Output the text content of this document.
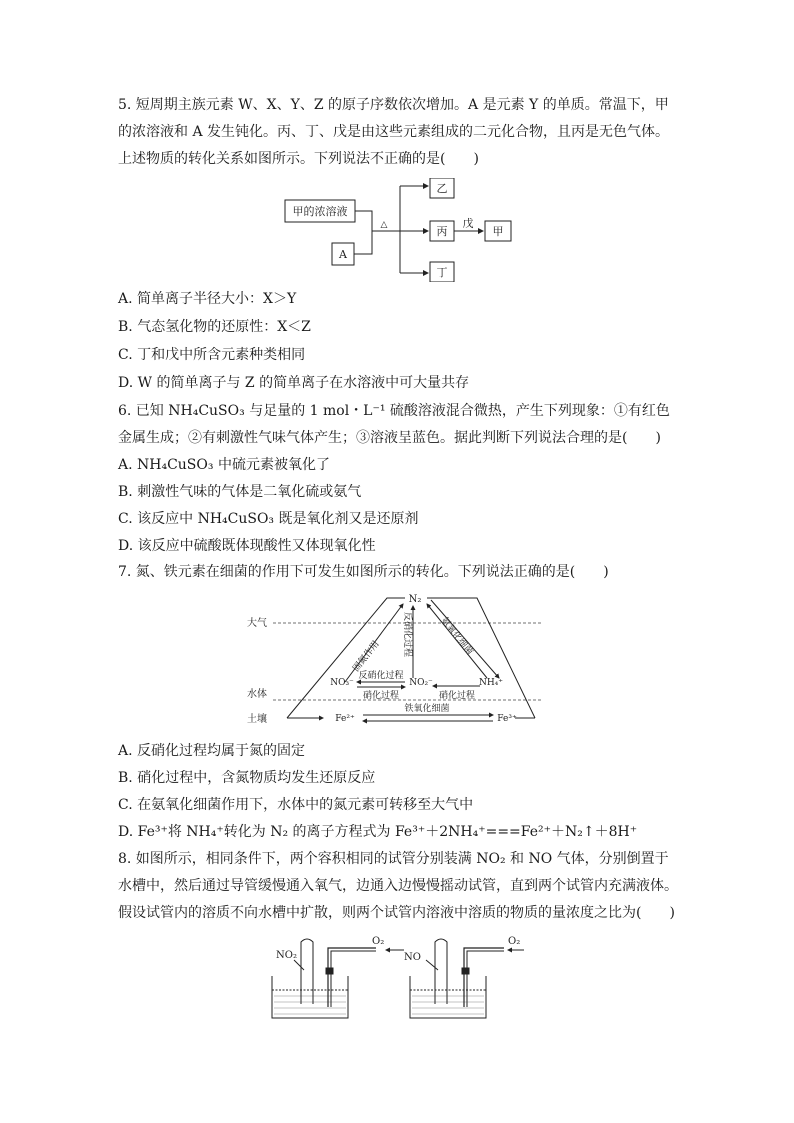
5. 短周期主族元素 W、X、Y、Z 的原子序数依次增加。A 是元素 Y 的单质。常温下，甲的浓溶液和 A 发生钝化。丙、丁、戊是由这些元素组成的二元化合物，且丙是无色气体。上述物质的转化关系如图所示。下列说法不正确的是(　　)

甲的浓溶液
A
△
乙
丙
丁
戊
甲
A. 简单离子半径大小：X＞Y
B. 气态氢化物的还原性：X＜Z
C. 丁和戊中所含元素种类相同
D. W 的简单离子与 Z 的简单离子在水溶液中可大量共存

6. 已知 NH₄CuSO₃ 与足量的 1 mol・L⁻¹ 硫酸溶液混合微热，产生下列现象：①有红色金属生成；②有刺激性气味气体产生；③溶液呈蓝色。据此判断下列说法合理的是(　　)

A. NH₄CuSO₃ 中硫元素被氧化了
B. 刺激性气味的气体是二氧化硫或氨气
C. 该反应中 NH₄CuSO₃ 既是氧化剂又是还原剂
D. 该反应中硫酸既体现酸性又体现氧化性

7. 氮、铁元素在细菌的作用下可发生如图所示的转化。下列说法正确的是(　　)

大气
水体
土壤
N₂
NO₃⁻	NO₂⁻	NH₄⁺
反硝化过程
硝化过程	硝化过程
Fe²⁺	Fe³⁺
铁氧化细菌
固氮作用 反硝化过程	氨氧化细菌
A. 反硝化过程均属于氮的固定
B. 硝化过程中，含氮物质均发生还原反应
C. 在氨氧化细菌作用下，水体中的氮元素可转移至大气中
D. Fe³⁺将 NH₄⁺转化为 N₂ 的离子方程式为 Fe³⁺＋2NH₄⁺===Fe²⁺＋N₂↑＋8H⁺

8. 如图所示，相同条件下，两个容积相同的试管分别装满 NO₂ 和 NO 气体，分别倒置于水槽中，然后通过导管缓慢通入氧气，边通入边慢慢摇动试管，直到两个试管内充满液体。假设试管内的溶质不向水槽中扩散，则两个试管内溶液中溶质的物质的量浓度之比为(　　)

NO₂
O₂
NO
O₂
